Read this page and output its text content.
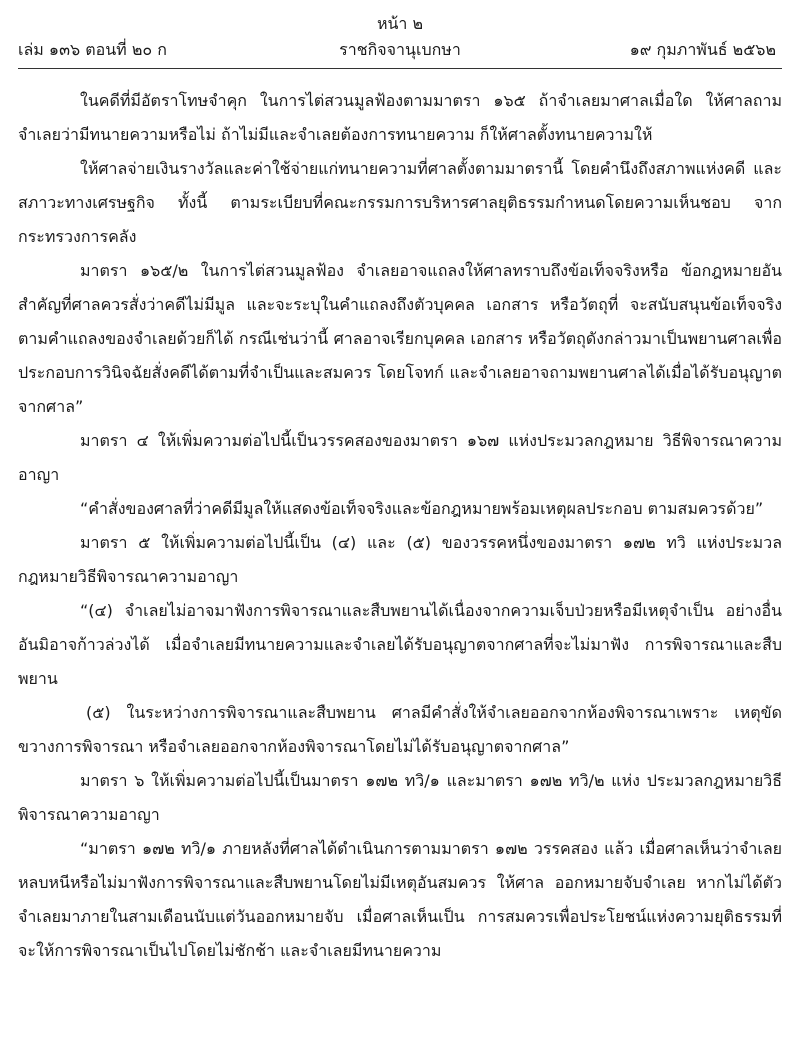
หน้า ๒
เล่ม ๑๓๖ ตอนที่ ๒๐ ก	ราชกิจจานุเบกษา	๑๙ กุมภาพันธ์ ๒๕๖๒

ในคดีที่มีอัตราโทษจำคุก ในการไต่สวนมูลฟ้องตามมาตรา ๑๖๕ ถ้าจำเลยมาศาลเมื่อใด ให้ศาลถามจำเลยว่ามีทนายความหรือไม่ ถ้าไม่มีและจำเลยต้องการทนายความ ก็ให้ศาลตั้งทนายความให้

ให้ศาลจ่ายเงินรางวัลและค่าใช้จ่ายแก่ทนายความที่ศาลตั้งตามมาตรานี้ โดยคำนึงถึงสภาพแห่งคดี และสภาวะทางเศรษฐกิจ ทั้งนี้ ตามระเบียบที่คณะกรรมการบริหารศาลยุติธรรมกำหนดโดยความเห็นชอบ จากกระทรวงการคลัง

มาตรา ๑๖๕/๒ ในการไต่สวนมูลฟ้อง จำเลยอาจแถลงให้ศาลทราบถึงข้อเท็จจริงหรือ ข้อกฎหมายอันสำคัญที่ศาลควรสั่งว่าคดีไม่มีมูล และจะระบุในคำแถลงถึงตัวบุคคล เอกสาร หรือวัตถุที่ จะสนับสนุนข้อเท็จจริงตามคำแถลงของจำเลยด้วยก็ได้ กรณีเช่นว่านี้ ศาลอาจเรียกบุคคล เอกสาร หรือวัตถุดังกล่าวมาเป็นพยานศาลเพื่อประกอบการวินิจฉัยสั่งคดีได้ตามที่จำเป็นและสมควร โดยโจทก์ และจำเลยอาจถามพยานศาลได้เมื่อได้รับอนุญาตจากศาล”

มาตรา ๔ ให้เพิ่มความต่อไปนี้เป็นวรรคสองของมาตรา ๑๖๗ แห่งประมวลกฎหมาย วิธีพิจารณาความอาญา

“คำสั่งของศาลที่ว่าคดีมีมูลให้แสดงข้อเท็จจริงและข้อกฎหมายพร้อมเหตุผลประกอบ ตามสมควรด้วย”

มาตรา ๕ ให้เพิ่มความต่อไปนี้เป็น (๔) และ (๕) ของวรรคหนึ่งของมาตรา ๑๗๒ ทวิ แห่งประมวลกฎหมายวิธีพิจารณาความอาญา

“(๔) จำเลยไม่อาจมาฟังการพิจารณาและสืบพยานได้เนื่องจากความเจ็บป่วยหรือมีเหตุจำเป็น อย่างอื่นอันมิอาจก้าวล่วงได้ เมื่อจำเลยมีทนายความและจำเลยได้รับอนุญาตจากศาลที่จะไม่มาฟัง การพิจารณาและสืบพยาน

(๕) ในระหว่างการพิจารณาและสืบพยาน ศาลมีคำสั่งให้จำเลยออกจากห้องพิจารณาเพราะ เหตุขัดขวางการพิจารณา หรือจำเลยออกจากห้องพิจารณาโดยไม่ได้รับอนุญาตจากศาล”

มาตรา ๖ ให้เพิ่มความต่อไปนี้เป็นมาตรา ๑๗๒ ทวิ/๑ และมาตรา ๑๗๒ ทวิ/๒ แห่ง ประมวลกฎหมายวิธีพิจารณาความอาญา

“มาตรา ๑๗๒ ทวิ/๑ ภายหลังที่ศาลได้ดำเนินการตามมาตรา ๑๗๒ วรรคสอง แล้ว เมื่อศาลเห็นว่าจำเลยหลบหนีหรือไม่มาฟังการพิจารณาและสืบพยานโดยไม่มีเหตุอันสมควร ให้ศาล ออกหมายจับจำเลย หากไม่ได้ตัวจำเลยมาภายในสามเดือนนับแต่วันออกหมายจับ เมื่อศาลเห็นเป็น การสมควรเพื่อประโยชน์แห่งความยุติธรรมที่จะให้การพิจารณาเป็นไปโดยไม่ชักช้า และจำเลยมีทนายความ
